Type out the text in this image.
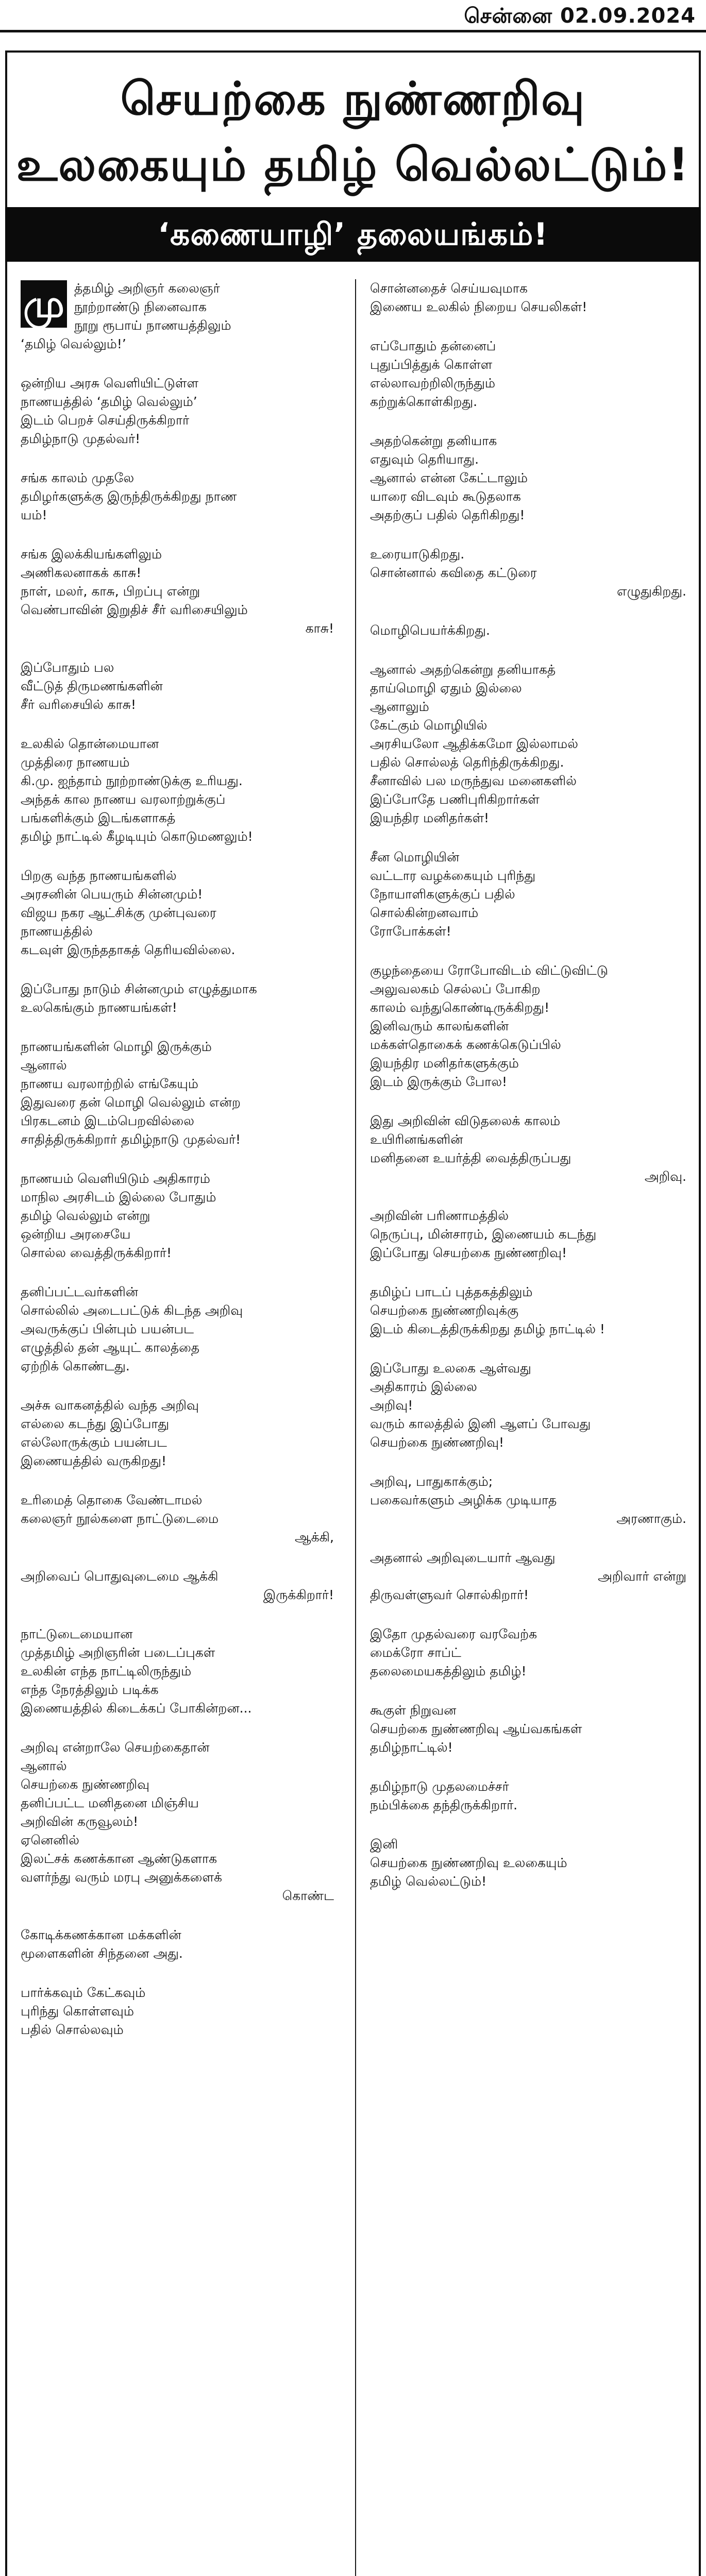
சென்னை 02.09.2024
செயற்கை நுண்ணறிவு
உலகையும் தமிழ் வெல்லட்டும்!
‘கணையாழி’ தலையங்கம்!
மு த்தமிழ் அறிஞர் கலைஞர்
நூற்றாண்டு நினைவாக
நூறு ரூபாய் நாணயத்திலும்
‘தமிழ் வெல்லும்!’
ஒன்றிய அரசு வெளியிட்டுள்ள
நாணயத்தில் ‘தமிழ் வெல்லும்’
இடம் பெறச் செய்திருக்கிறார்
தமிழ்நாடு முதல்வர்!
சங்க காலம் முதலே
தமிழர்களுக்கு இருந்திருக்கிறது நாண
யம்!
சங்க இலக்கியங்களிலும்
அணிகலனாகக் காசு!
நாள், மலர், காசு, பிறப்பு என்று
வெண்பாவின் இறுதிச் சீர் வரிசையிலும்
காசு!
இப்போதும் பல
வீட்டுத் திருமணங்களின்
சீர் வரிசையில் காசு!
உலகில் தொன்மையான
முத்திரை நாணயம்
கி.மு. ஐந்தாம் நூற்றாண்டுக்கு உரியது.
அந்தக் கால நாணய வரலாற்றுக்குப்
பங்களிக்கும் இடங்களாகத்
தமிழ் நாட்டில் கீழடியும் கொடுமணலும்!
பிறகு வந்த நாணயங்களில்
அரசனின் பெயரும் சின்னமும்!
விஜய நகர ஆட்சிக்கு முன்புவரை
நாணயத்தில்
கடவுள் இருந்ததாகத் தெரியவில்லை.
இப்போது நாடும் சின்னமும் எழுத்துமாக
உலகெங்கும் நாணயங்கள்!
நாணயங்களின் மொழி இருக்கும்
ஆனால்
நாணய வரலாற்றில் எங்கேயும்
இதுவரை தன் மொழி வெல்லும் என்ற
பிரகடனம் இடம்பெறவில்லை
சாதித்திருக்கிறார் தமிழ்நாடு முதல்வர்!
நாணயம் வெளியிடும் அதிகாரம்
மாநில அரசிடம் இல்லை போதும்
தமிழ் வெல்லும் என்று
ஒன்றிய அரசையே
சொல்ல வைத்திருக்கிறார்!
தனிப்பட்டவர்களின்
சொல்லில் அடைபட்டுக் கிடந்த அறிவு
அவருக்குப் பின்பும் பயன்பட
எழுத்தில் தன் ஆயுட் காலத்தை
ஏற்றிக் கொண்டது.
அச்சு வாகனத்தில் வந்த அறிவு
எல்லை கடந்து இப்போது
எல்லோருக்கும் பயன்பட
இணையத்தில் வருகிறது!
உரிமைத் தொகை வேண்டாமல்
கலைஞர் நூல்களை நாட்டுடைமை
ஆக்கி,
அறிவைப் பொதுவுடைமை ஆக்கி
இருக்கிறார்!
நாட்டுடைமையான
முத்தமிழ் அறிஞரின் படைப்புகள்
உலகின் எந்த நாட்டிலிருந்தும்
எந்த நேரத்திலும் படிக்க
இணையத்தில் கிடைக்கப் போகின்றன...
அறிவு என்றாலே செயற்கைதான்
ஆனால்
செயற்கை நுண்ணறிவு
தனிப்பட்ட மனிதனை மிஞ்சிய
அறிவின் கருவூலம்!
ஏனெனில்
இலட்சக் கணக்கான ஆண்டுகளாக
வளர்ந்து வரும் மரபு அனுக்களைக்
கொண்ட
கோடிக்கணக்கான மக்களின்
மூளைகளின் சிந்தனை அது.
பார்க்கவும் கேட்கவும்
புரிந்து கொள்ளவும்
பதில் சொல்லவும்
சொன்னதைச் செய்யவுமாக
இணைய உலகில் நிறைய செயலிகள்!
எப்போதும் தன்னைப்
புதுப்பித்துக் கொள்ள
எல்லாவற்றிலிருந்தும்
கற்றுக்கொள்கிறது.
அதற்கென்று தனியாக
எதுவும் தெரியாது.
ஆனால் என்ன கேட்டாலும்
யாரை விடவும் கூடுதலாக
அதற்குப் பதில் தெரிகிறது!
உரையாடுகிறது.
சொன்னால் கவிதை கட்டுரை
எழுதுகிறது.
மொழிபெயர்க்கிறது.
ஆனால் அதற்கென்று தனியாகத்
தாய்மொழி ஏதும் இல்லை
ஆனாலும்
கேட்கும் மொழியில்
அரசியலோ ஆதிக்கமோ இல்லாமல்
பதில் சொல்லத் தெரிந்திருக்கிறது.
சீனாவில் பல மருந்துவ மனைகளில்
இப்போதே பணிபுரிகிறார்கள்
இயந்திர மனிதர்கள்!
சீன மொழியின்
வட்டார வழக்கையும் புரிந்து
நோயாளிகளுக்குப் பதில்
சொல்கின்றனவாம்
ரோபோக்கள்!
குழந்தையை ரோபோவிடம் விட்டுவிட்டு
அலுவலகம் செல்லப் போகிற
காலம் வந்துகொண்டிருக்கிறது!
இனிவரும் காலங்களின்
மக்கள்தொகைக் கணக்கெடுப்பில்
இயந்திர மனிதர்களுக்கும்
இடம் இருக்கும் போல!
இது அறிவின் விடுதலைக் காலம்
உயிரினங்களின்
மனிதனை உயர்த்தி வைத்திருப்பது
அறிவு.
அறிவின் பரிணாமத்தில்
நெருப்பு, மின்சாரம், இணையம் கடந்து
இப்போது செயற்கை நுண்ணறிவு!
தமிழ்ப் பாடப் புத்தகத்திலும்
செயற்கை நுண்ணறிவுக்கு
இடம் கிடைத்திருக்கிறது தமிழ் நாட்டில் !
இப்போது உலகை ஆள்வது
அதிகாரம் இல்லை
அறிவு!
வரும் காலத்தில் இனி ஆளப் போவது
செயற்கை நுண்ணறிவு!
அறிவு, பாதுகாக்கும்;
பகைவர்களும் அழிக்க முடியாத
அரணாகும்.
அதனால் அறிவுடையார் ஆவது
அறிவார் என்று
திருவள்ளுவர் சொல்கிறார்!
இதோ முதல்வரை வரவேற்க
மைக்ரோ சாப்ட்
தலைமையகத்திலும் தமிழ்!
கூகுள் நிறுவன
செயற்கை நுண்ணறிவு ஆய்வகங்கள்
தமிழ்நாட்டில்!
தமிழ்நாடு முதலமைச்சர்
நம்பிக்கை தந்திருக்கிறார்.
இனி
செயற்கை நுண்ணறிவு உலகையும்
தமிழ் வெல்லட்டும்!
